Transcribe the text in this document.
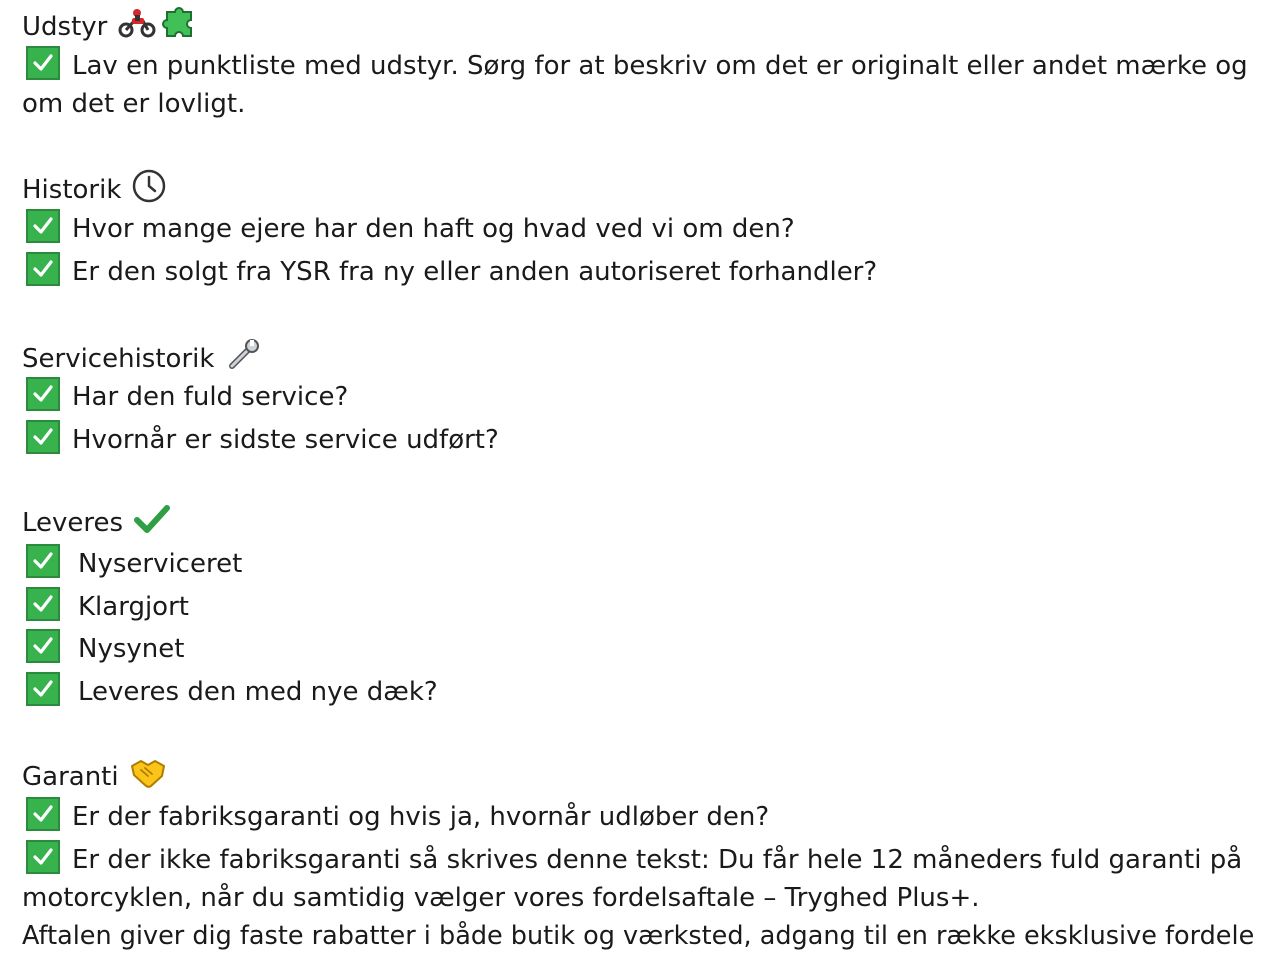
Udstyr
Lav en punktliste med udstyr. Sørg for at beskriv om det er originalt eller andet mærke og
om det er lovligt.
Historik
Hvor mange ejere har den haft og hvad ved vi om den?
Er den solgt fra YSR fra ny eller anden autoriseret forhandler?
Servicehistorik
Har den fuld service?
Hvornår er sidste service udført?
Leveres
Nyserviceret
Klargjort
Nysynet
Leveres den med nye dæk?
Garanti
Er der fabriksgaranti og hvis ja, hvornår udløber den?
Er der ikke fabriksgaranti så skrives denne tekst: Du får hele 12 måneders fuld garanti på
motorcyklen, når du samtidig vælger vores fordelsaftale – Tryghed Plus+.
Aftalen giver dig faste rabatter i både butik og værksted, adgang til en række eksklusive fordele
